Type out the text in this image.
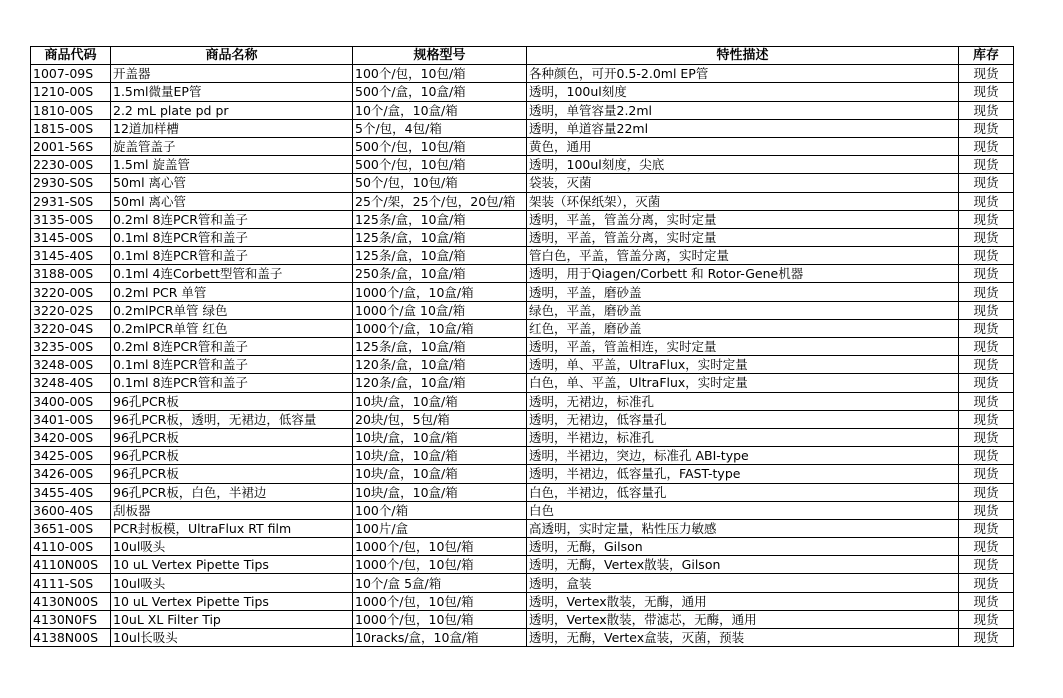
商品代码	商品名称	规格型号	特性描述	库存
1007-09S	开盖器	100个/包，10包/箱	各种颜色，可开0.5-2.0ml EP管	现货
1210-00S	1.5ml微量EP管	500个/盒，10盒/箱	透明，100ul刻度	现货
1810-00S	2.2 mL plate pd pr	10个/盒，10盒/箱	透明，单管容量2.2ml	现货
1815-00S	12道加样槽	5个/包，4包/箱	透明，单道容量22ml	现货
2001-56S	旋盖管盖子	500个/包，10包/箱	黄色，通用	现货
2230-00S	1.5ml 旋盖管	500个/包，10包/箱	透明，100ul刻度，尖底	现货
2930-S0S	50ml 离心管	50个/包，10包/箱	袋装，灭菌	现货
2931-S0S	50ml 离心管	25个/架，25个/包，20包/箱	架装（环保纸架），灭菌	现货
3135-00S	0.2ml 8连PCR管和盖子	125条/盒，10盒/箱	透明，平盖，管盖分离，实时定量	现货
3145-00S	0.1ml 8连PCR管和盖子	125条/盒，10盒/箱	透明，平盖，管盖分离，实时定量	现货
3145-40S	0.1ml 8连PCR管和盖子	125条/盒，10盒/箱	管白色，平盖，管盖分离，实时定量	现货
3188-00S	0.1ml 4连Corbett型管和盖子	250条/盒，10盒/箱	透明，用于Qiagen/Corbett 和 Rotor-Gene机器	现货
3220-00S	0.2ml PCR 单管	1000个/盒，10盒/箱	透明，平盖，磨砂盖	现货
3220-02S	0.2mlPCR单管 绿色	1000个/盒 10盒/箱	绿色，平盖，磨砂盖	现货
3220-04S	0.2mlPCR单管 红色	1000个/盒，10盒/箱	红色，平盖，磨砂盖	现货
3235-00S	0.2ml 8连PCR管和盖子	125条/盒，10盒/箱	透明，平盖，管盖相连，实时定量	现货
3248-00S	0.1ml 8连PCR管和盖子	120条/盒，10盒/箱	透明，单、平盖，UltraFlux，实时定量	现货
3248-40S	0.1ml 8连PCR管和盖子	120条/盒，10盒/箱	白色，单、平盖，UltraFlux，实时定量	现货
3400-00S	96孔PCR板	10块/盒，10盒/箱	透明，无裙边，标准孔	现货
3401-00S	96孔PCR板，透明，无裙边，低容量	20块/包，5包/箱	透明，无裙边，低容量孔	现货
3420-00S	96孔PCR板	10块/盒，10盒/箱	透明，半裙边，标准孔	现货
3425-00S	96孔PCR板	10块/盒，10盒/箱	透明，半裙边，突边，标准孔 ABI-type	现货
3426-00S	96孔PCR板	10块/盒，10盒/箱	透明，半裙边，低容量孔，FAST-type	现货
3455-40S	96孔PCR板，白色，半裙边	10块/盒，10盒/箱	白色，半裙边，低容量孔	现货
3600-40S	刮板器	100个/箱	白色	现货
3651-00S	PCR封板模，UltraFlux RT film	100片/盒	高透明，实时定量，粘性压力敏感	现货
4110-00S	10ul吸头	1000个/包，10包/箱	透明，无酶，Gilson	现货
4110N00S	10 uL Vertex Pipette Tips	1000个/包，10包/箱	透明，无酶，Vertex散装，Gilson	现货
4111-S0S	10ul吸头	10个/盒 5盒/箱	透明，盒装	现货
4130N00S	10 uL Vertex Pipette Tips	1000个/包，10包/箱	透明，Vertex散装，无酶，通用	现货
4130N0FS	10uL XL Filter Tip	1000个/包，10包/箱	透明，Vertex散装，带滤芯，无酶，通用	现货
4138N00S	10ul长吸头	10racks/盒，10盒/箱	透明，无酶，Vertex盒装，灭菌，预装	现货
